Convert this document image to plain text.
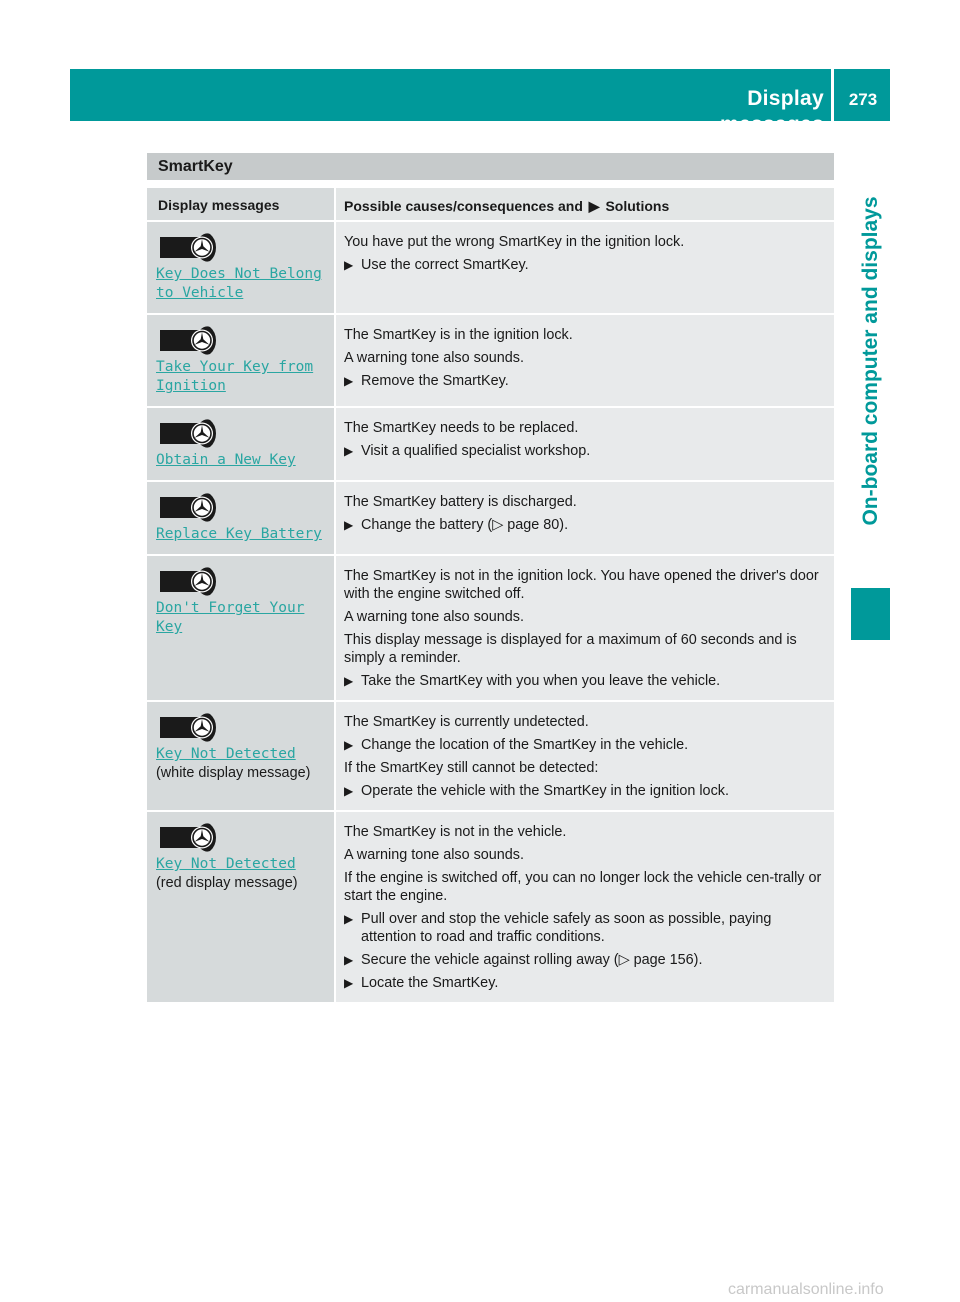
Display messages
273
On-board computer and displays
SmartKey
Display messages	Possible causes/consequences and ▶ Solutions
Key Does Not Belong
to Vehicle
You have put the wrong SmartKey in the ignition lock.
▶ Use the correct SmartKey.
Take Your Key from
Ignition
The SmartKey is in the ignition lock.
A warning tone also sounds.
▶ Remove the SmartKey.
Obtain a New Key
The SmartKey needs to be replaced.
▶ Visit a qualified specialist workshop.
Replace Key Battery
The SmartKey battery is discharged.
▶ Change the battery (▷ page 80).
Don't Forget Your
Key
The SmartKey is not in the ignition lock. You have opened the driver's door with the engine switched off.
A warning tone also sounds.
This display message is displayed for a maximum of 60 seconds and is simply a reminder.
▶ Take the SmartKey with you when you leave the vehicle.
Key Not Detected
(white display message)
The SmartKey is currently undetected.
▶ Change the location of the SmartKey in the vehicle.
If the SmartKey still cannot be detected:
▶ Operate the vehicle with the SmartKey in the ignition lock.
Key Not Detected
(red display message)
The SmartKey is not in the vehicle.
A warning tone also sounds.
If the engine is switched off, you can no longer lock the vehicle cen-trally or start the engine.
▶ Pull over and stop the vehicle safely as soon as possible, paying attention to road and traffic conditions.
▶ Secure the vehicle against rolling away (▷ page 156).
▶ Locate the SmartKey.
carmanualsonline.info
